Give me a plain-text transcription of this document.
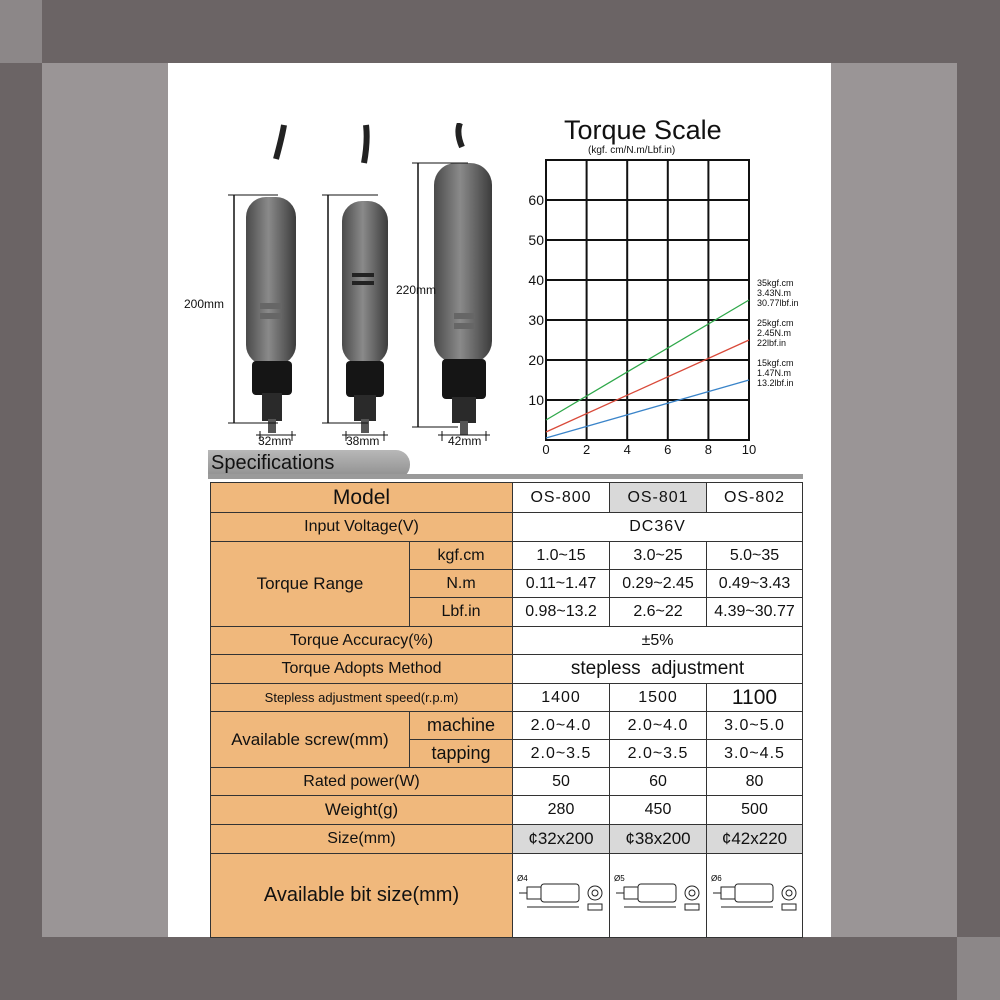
200mm
220mm
32mm	38mm	42mm
Torque Scale
(kgf. cm/N.m/Lbf.in)
0	2	4	6	8 10
10
20
30
40
50
60
35kgf.cm
3.43N.m
30.77lbf.in
25kgf.cm
2.45N.m
22lbf.in
15kgf.cm
1.47N.m
13.2lbf.in
Specifications
Model		OS-800	OS-801	OS-802
Input Voltage(V)		DC36V		
Torque Range	kgf.cm	1.0~15	3.0~25	5.0~35
	N.m	0.11~1.47	0.29~2.45	0.49~3.43
	Lbf.in	0.98~13.2	2.6~22	4.39~30.77
Torque Accuracy(%)		±5%		
Torque Adopts Method		stepless  adjustment		
Stepless adjustment speed(r.p.m)		1400	1500	1100
Available screw(mm)	machine	2.0~4.0	2.0~4.0	3.0~5.0
	tapping	2.0~3.5	2.0~3.5	3.0~4.5
Rated power(W)		50	60	80
Weight(g)		280	450	500
Size(mm)		¢32x200	¢38x200	¢42x220
Available bit size(mm)		Ø4	Ø5	Ø6
